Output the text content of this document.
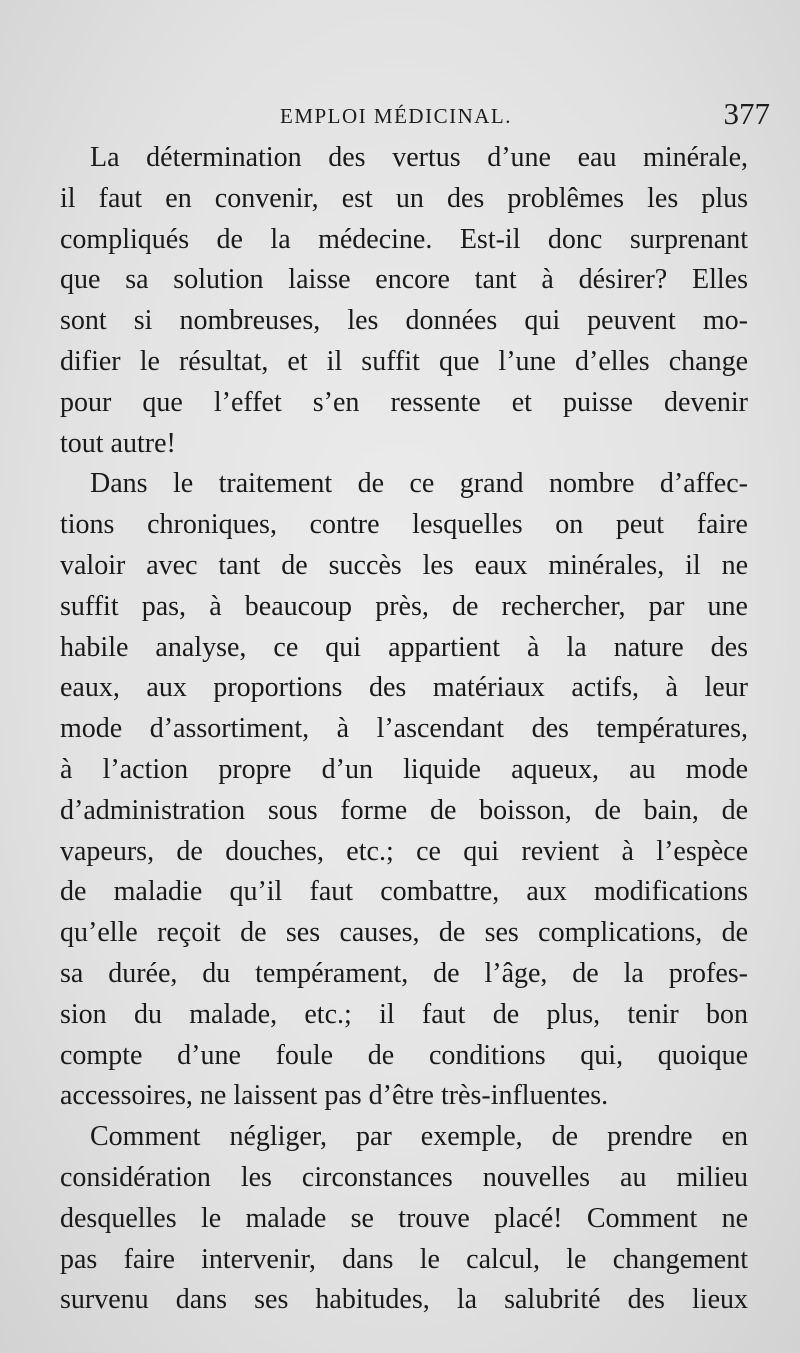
EMPLOI MÉDICINAL.	377

La détermination des vertus d’une eau minérale,
il faut en convenir, est un des problêmes les plus
compliqués de la médecine. Est-il donc surprenant
que sa solution laisse encore tant à désirer? Elles
sont si nombreuses, les données qui peuvent mo-
difier le résultat, et il suffit que l’une d’elles change
pour que l’effet s’en ressente et puisse devenir
tout autre!

Dans le traitement de ce grand nombre d’affec-
tions chroniques, contre lesquelles on peut faire
valoir avec tant de succès les eaux minérales, il ne
suffit pas, à beaucoup près, de rechercher, par une
habile analyse, ce qui appartient à la nature des
eaux, aux proportions des matériaux actifs, à leur
mode d’assortiment, à l’ascendant des températures,
à l’action propre d’un liquide aqueux, au mode
d’administration sous forme de boisson, de bain, de
vapeurs, de douches, etc.; ce qui revient à l’espèce
de maladie qu’il faut combattre, aux modifications
qu’elle reçoit de ses causes, de ses complications, de
sa durée, du tempérament, de l’âge, de la profes-
sion du malade, etc.; il faut de plus, tenir bon
compte d’une foule de conditions qui, quoique
accessoires, ne laissent pas d’être très-influentes.

Comment négliger, par exemple, de prendre en
considération les circonstances nouvelles au milieu
desquelles le malade se trouve placé! Comment ne
pas faire intervenir, dans le calcul, le changement
survenu dans ses habitudes, la salubrité des lieux
